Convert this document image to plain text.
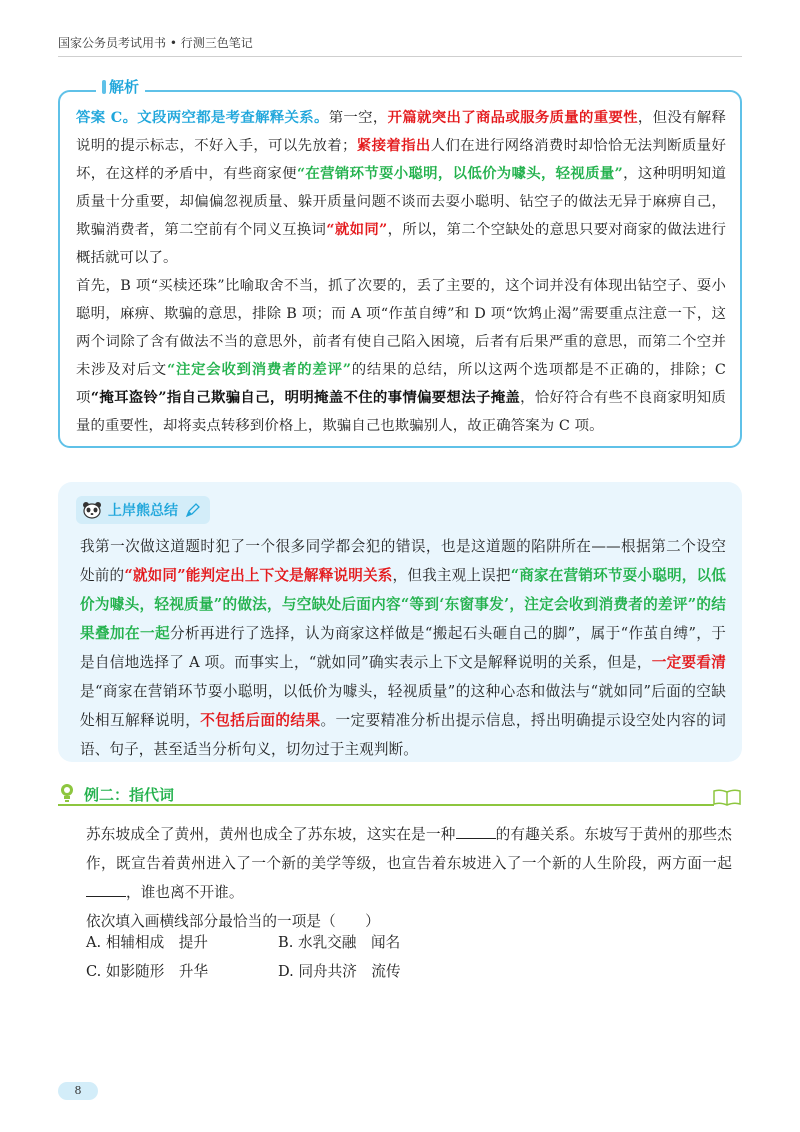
国家公务员考试用书 • 行测三色笔记

答案 C。文段两空都是考查解释关系。第一空，开篇就突出了商品或服务质量的重要性，但没有解释说明的提示标志，不好入手，可以先放着；紧接着指出人们在进行网络消费时却恰恰无法判断质量好坏，在这样的矛盾中，有些商家便“在营销环节耍小聪明，以低价为噱头，轻视质量”，这种明明知道质量十分重要，却偏偏忽视质量、躲开质量问题不谈而去耍小聪明、钻空子的做法无异于麻痹自己，欺骗消费者，第二空前有个同义互换词“就如同”，所以，第二个空缺处的意思只要对商家的做法进行概括就可以了。

首先，B 项“买椟还珠”比喻取舍不当，抓了次要的，丢了主要的，这个词并没有体现出钻空子、耍小聪明，麻痹、欺骗的意思，排除 B 项；而 A 项“作茧自缚”和 D 项“饮鸩止渴”需要重点注意一下，这两个词除了含有做法不当的意思外，前者有使自己陷入困境，后者有后果严重的意思，而第二个空并未涉及对后文“注定会收到消费者的差评”的结果的总结，所以这两个选项都是不正确的，排除；C 项“掩耳盗铃”指自己欺骗自己，明明掩盖不住的事情偏要想法子掩盖，恰好符合有些不良商家明知质量的重要性，却将卖点转移到价格上，欺骗自己也欺骗别人，故正确答案为 C 项。

解析

我第一次做这道题时犯了一个很多同学都会犯的错误，也是这道题的陷阱所在——根据第二个设空处前的“就如同”能判定出上下文是解释说明关系，但我主观上误把“商家在营销环节耍小聪明，以低价为噱头，轻视质量”的做法，与空缺处后面内容“等到‘东窗事发’，注定会收到消费者的差评”的结果叠加在一起分析再进行了选择，认为商家这样做是“搬起石头砸自己的脚”，属于“作茧自缚”，于是自信地选择了 A 项。而事实上，“就如同”确实表示上下文是解释说明的关系，但是，一定要看清是“商家在营销环节耍小聪明，以低价为噱头，轻视质量”的这种心态和做法与“就如同”后面的空缺处相互解释说明，不包括后面的结果。一定要精准分析出提示信息，捋出明确提示设空处内容的词语、句子，甚至适当分析句义，切勿过于主观判断。

上岸熊总结
例二：指代词

苏东坡成全了黄州，黄州也成全了苏东坡，这实在是一种	的有趣关系。东坡写于黄州的那些杰作，既宣告着黄州进入了一个新的美学等级，也宣告着东坡进入了一个新的人生阶段，两方面一起，谁也离不开谁。

依次填入画横线部分最恰当的一项是（　　）

A. 相辅相成　提升	B. 水乳交融　闻名
C. 如影随形　升华	D. 同舟共济　流传
8
